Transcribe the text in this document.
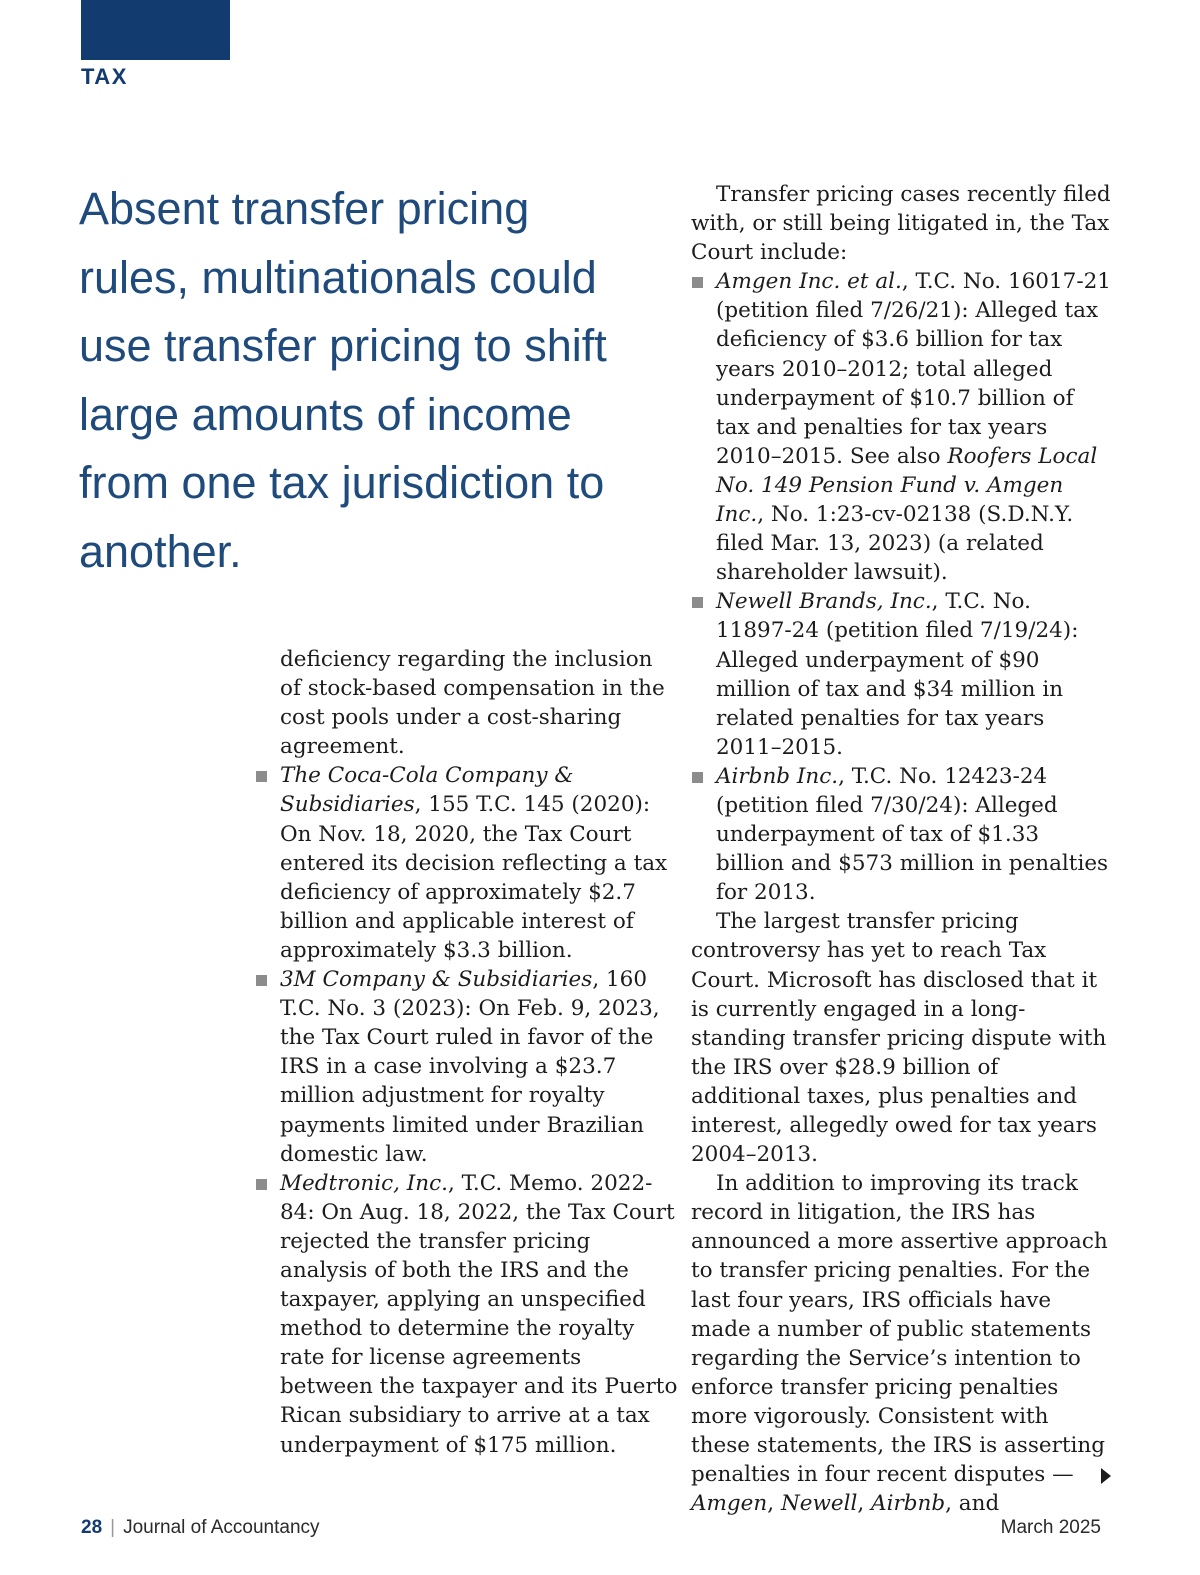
TAX

Absent transfer pricing rules, multinationals could use transfer pricing to shift large amounts of income from one tax jurisdiction to another.

deficiency regarding the inclusion of stock-based compensation in the cost pools under a cost-sharing agreement.

The Coca-Cola Company & Subsidiaries, 155 T.C. 145 (2020): On Nov. 18, 2020, the Tax Court entered its decision reflecting a tax deficiency of approximately $2.7 billion and applicable interest of approximately $3.3 billion.
3M Company & Subsidiaries, 160 T.C. No. 3 (2023): On Feb. 9, 2023, the Tax Court ruled in favor of the IRS in a case involving a $23.7 million adjustment for royalty payments limited under Brazilian domestic law.
Medtronic, Inc., T.C. Memo. 2022-84: On Aug. 18, 2022, the Tax Court rejected the transfer pricing analysis of both the IRS and the taxpayer, applying an unspecified method to determine the royalty rate for license agreements between the taxpayer and its Puerto Rican subsidiary to arrive at a tax underpayment of $175 million.

Transfer pricing cases recently filed with, or still being litigated in, the Tax Court include:

Amgen Inc. et al., T.C. No. 16017-21 (petition filed 7/26/21): Alleged tax deficiency of $3.6 billion for tax years 2010–2012; total alleged underpayment of $10.7 billion of tax and penalties for tax years 2010–2015. See also Roofers Local No. 149 Pension Fund v. Amgen Inc., No. 1:23-cv-02138 (S.D.N.Y. filed Mar. 13, 2023) (a related shareholder lawsuit).
Newell Brands, Inc., T.C. No. 11897-24 (petition filed 7/19/24): Alleged underpayment of $90 million of tax and $34 million in related penalties for tax years 2011–2015.
Airbnb Inc., T.C. No. 12423-24 (petition filed 7/30/24): Alleged underpayment of tax of $1.33 billion and $573 million in penalties for 2013.

The largest transfer pricing controversy has yet to reach Tax Court. Microsoft has disclosed that it is currently engaged in a long-standing transfer pricing dispute with the IRS over $28.9 billion of additional taxes, plus penalties and interest, allegedly owed for tax years 2004–2013.

In addition to improving its track record in litigation, the IRS has announced a more assertive approach to transfer pricing penalties. For the last four years, IRS officials have made a number of public statements regarding the Service’s intention to enforce transfer pricing penalties more vigorously. Consistent with these statements, the IRS is asserting penalties in four recent disputes — Amgen, Newell, Airbnb, and

28 | Journal of Accountancy	March 2025
